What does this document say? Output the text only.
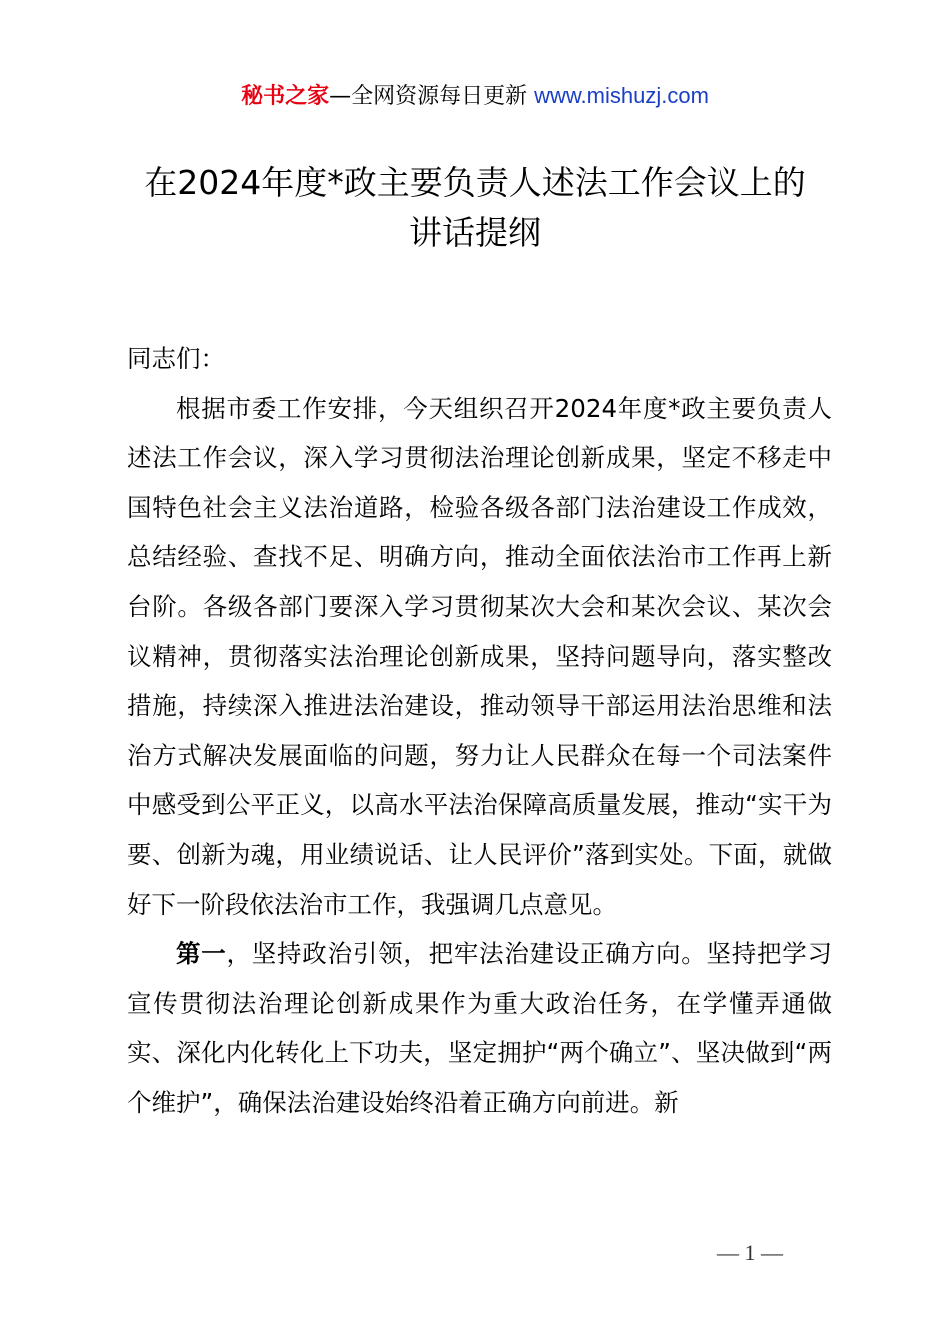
秘书之家—全网资源每日更新 www.mishuzj.com
在2024年度*政主要负责人述法工作会议上的
讲话提纲

同志们：

根据市委工作安排，今天组织召开2024年度*政主要负责人述法工作会议，深入学习贯彻法治理论创新成果，坚定不移走中国特色社会主义法治道路，检验各级各部门法治建设工作成效，总结经验、查找不足、明确方向，推动全面依法治市工作再上新台阶。各级各部门要深入学习贯彻某次大会和某次会议、某次会议精神，贯彻落实法治理论创新成果，坚持问题导向，落实整改措施，持续深入推进法治建设，推动领导干部运用法治思维和法治方式解决发展面临的问题，努力让人民群众在每一个司法案件中感受到公平正义，以高水平法治保障高质量发展，推动“实干为要、创新为魂，用业绩说话、让人民评价”落到实处。下面，就做好下一阶段依法治市工作，我强调几点意见。

第一，坚持政治引领，把牢法治建设正确方向。坚持把学习宣传贯彻法治理论创新成果作为重大政治任务，在学懂弄通做实、深化内化转化上下功夫，坚定拥护“两个确立”、坚决做到“两个维护”，确保法治建设始终沿着正确方向前进。新

— 1 —
